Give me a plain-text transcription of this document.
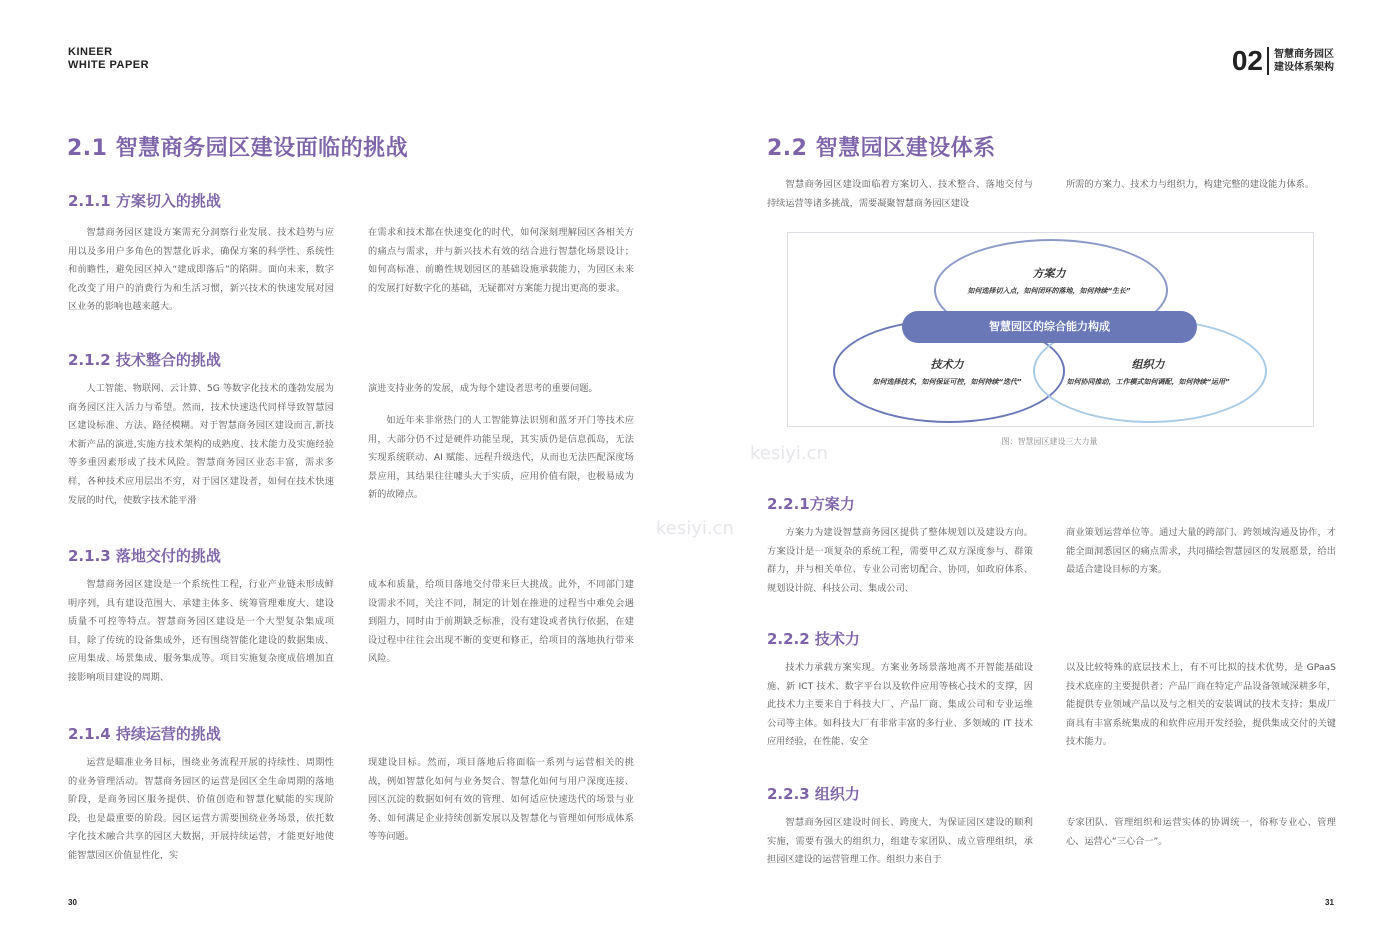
KINEER
WHITE PAPER	02 智慧商务园区
建设体系架构
kesiyi.cn
kesiyi.cn
2.1 智慧商务园区建设面临的挑战
2.1.1 方案切入的挑战
智慧商务园区建设方案需充分洞察行业发展、技术趋势与应用以及多用户多角色的智慧化诉求，确保方案的科学性、系统性和前瞻性，避免园区掉入“建成即落后”的陷阱。面向未来，数字化改变了用户的消费行为和生活习惯，新兴技术的快速发展对园区业务的影响也越来越大。
在需求和技术都在快速变化的时代，如何深刻理解园区各相关方的痛点与需求，并与新兴技术有效的结合进行智慧化场景设计；如何高标准、前瞻性规划园区的基础设施承载能力，为园区未来的发展打好数字化的基础，无疑都对方案能力提出更高的要求。
2.1.2 技术整合的挑战
人工智能、物联网、云计算、5G 等数字化技术的蓬勃发展为商务园区注入活力与希望。然而，技术快速迭代同样导致智慧园区建设标准、方法、路径模糊。对于智慧商务园区建设而言,新技术新产品的演进,实施方技术架构的成熟度、技术能力及实施经验等多重因素形成了技术风险。智慧商务园区业态丰富，需求多样，各种技术应用层出不穷，对于园区建设者，如何在技术快速发展的时代，使数字技术能平滑
演进支持业务的发展，成为每个建设者思考的重要问题。
如近年来非常热门的人工智能算法识别和蓝牙开门等技术应用，大部分仍不过是硬件功能呈现，其实质仍是信息孤岛，无法实现系统联动、AI 赋能、远程升级迭代，从而也无法匹配深度场景应用，其结果往往噱头大于实质，应用价值有限，也极易成为新的故障点。
2.1.3 落地交付的挑战
智慧商务园区建设是一个系统性工程，行业产业链未形成鲜明序列，具有建设范围大、承建主体多、统筹管理难度大、建设质量不可控等特点。智慧商务园区建设是一个大型复杂集成项目，除了传统的设备集成外，还有围绕智能化建设的数据集成、应用集成、场景集成、服务集成等。项目实施复杂度成倍增加直接影响项目建设的周期、
成本和质量，给项目落地交付带来巨大挑战。此外，不同部门建设需求不同，关注不同，制定的计划在推进的过程当中难免会遇到阻力，同时由于前期缺乏标准，没有建设或者执行依据，在建设过程中往往会出现不断的变更和修正，给项目的落地执行带来风险。
2.1.4 持续运营的挑战
运营是瞄准业务目标，围绕业务流程开展的持续性、周期性的业务管理活动。智慧商务园区的运营是园区全生命周期的落地阶段，是商务园区服务提供、价值创造和智慧化赋能的实现阶段，也是最重要的阶段。园区运营方需要围绕业务场景，依托数字化技术融合共享的园区大数据，开展持续运营，才能更好地使能智慧园区价值显性化，实
现建设目标。然而，项目落地后将面临一系列与运营相关的挑战，例如智慧化如何与业务契合、智慧化如何与用户深度连接、园区沉淀的数据如何有效的管理、如何适应快速迭代的场景与业务、如何满足企业持续创新发展以及智慧化与管理如何形成体系等等问题。
30
2.2 智慧园区建设体系
智慧商务园区建设面临着方案切入、技术整合、落地交付与持续运营等诸多挑战，需要凝聚智慧商务园区建设
所需的方案力、技术力与组织力，构建完整的建设能力体系。
方案力
如何选择切入点，如何闭环的落地，如何持续“生长”
智慧园区的综合能力构成
技术力
如何选择技术，如何保证可控，如何持续“迭代”
组织力
如何协同推动，工作模式如何调配，如何持续“运用”
图：智慧园区建设三大力量
2.2.1方案力
方案力为建设智慧商务园区提供了整体规划以及建设方向。方案设计是一项复杂的系统工程，需要甲乙双方深度参与、群策群力，并与相关单位、专业公司密切配合、协同，如政府体系、规划设计院、科技公司、集成公司、
商业策划运营单位等。通过大量的跨部门、跨领域沟通及协作，才能全面洞悉园区的痛点需求，共同描绘智慧园区的发展愿景，给出最适合建设目标的方案。
2.2.2 技术力
技术力承载方案实现。方案业务场景落地离不开智能基础设施、新 ICT 技术、数字平台以及软件应用等核心技术的支撑，因此技术力主要来自于科技大厂、产品厂商、集成公司和专业运维公司等主体。如科技大厂有非常丰富的多行业、多领域的 IT 技术应用经验，在性能、安全
以及比较特殊的底层技术上，有不可比拟的技术优势，是 GPaaS 技术底座的主要提供者；产品厂商在特定产品设备领域深耕多年，能提供专业领域产品以及与之相关的安装调试的技术支持；集成厂商具有丰富系统集成的和软件应用开发经验，提供集成交付的关键技术能力。
2.2.3 组织力
智慧商务园区建设时间长、跨度大，为保证园区建设的顺利实施，需要有强大的组织力，组建专家团队、成立管理组织，承担园区建设的运营管理工作。组织力来自于
专家团队、管理组织和运营实体的协调统一，俗称专业心、管理心、运营心“三心合一”。
31
